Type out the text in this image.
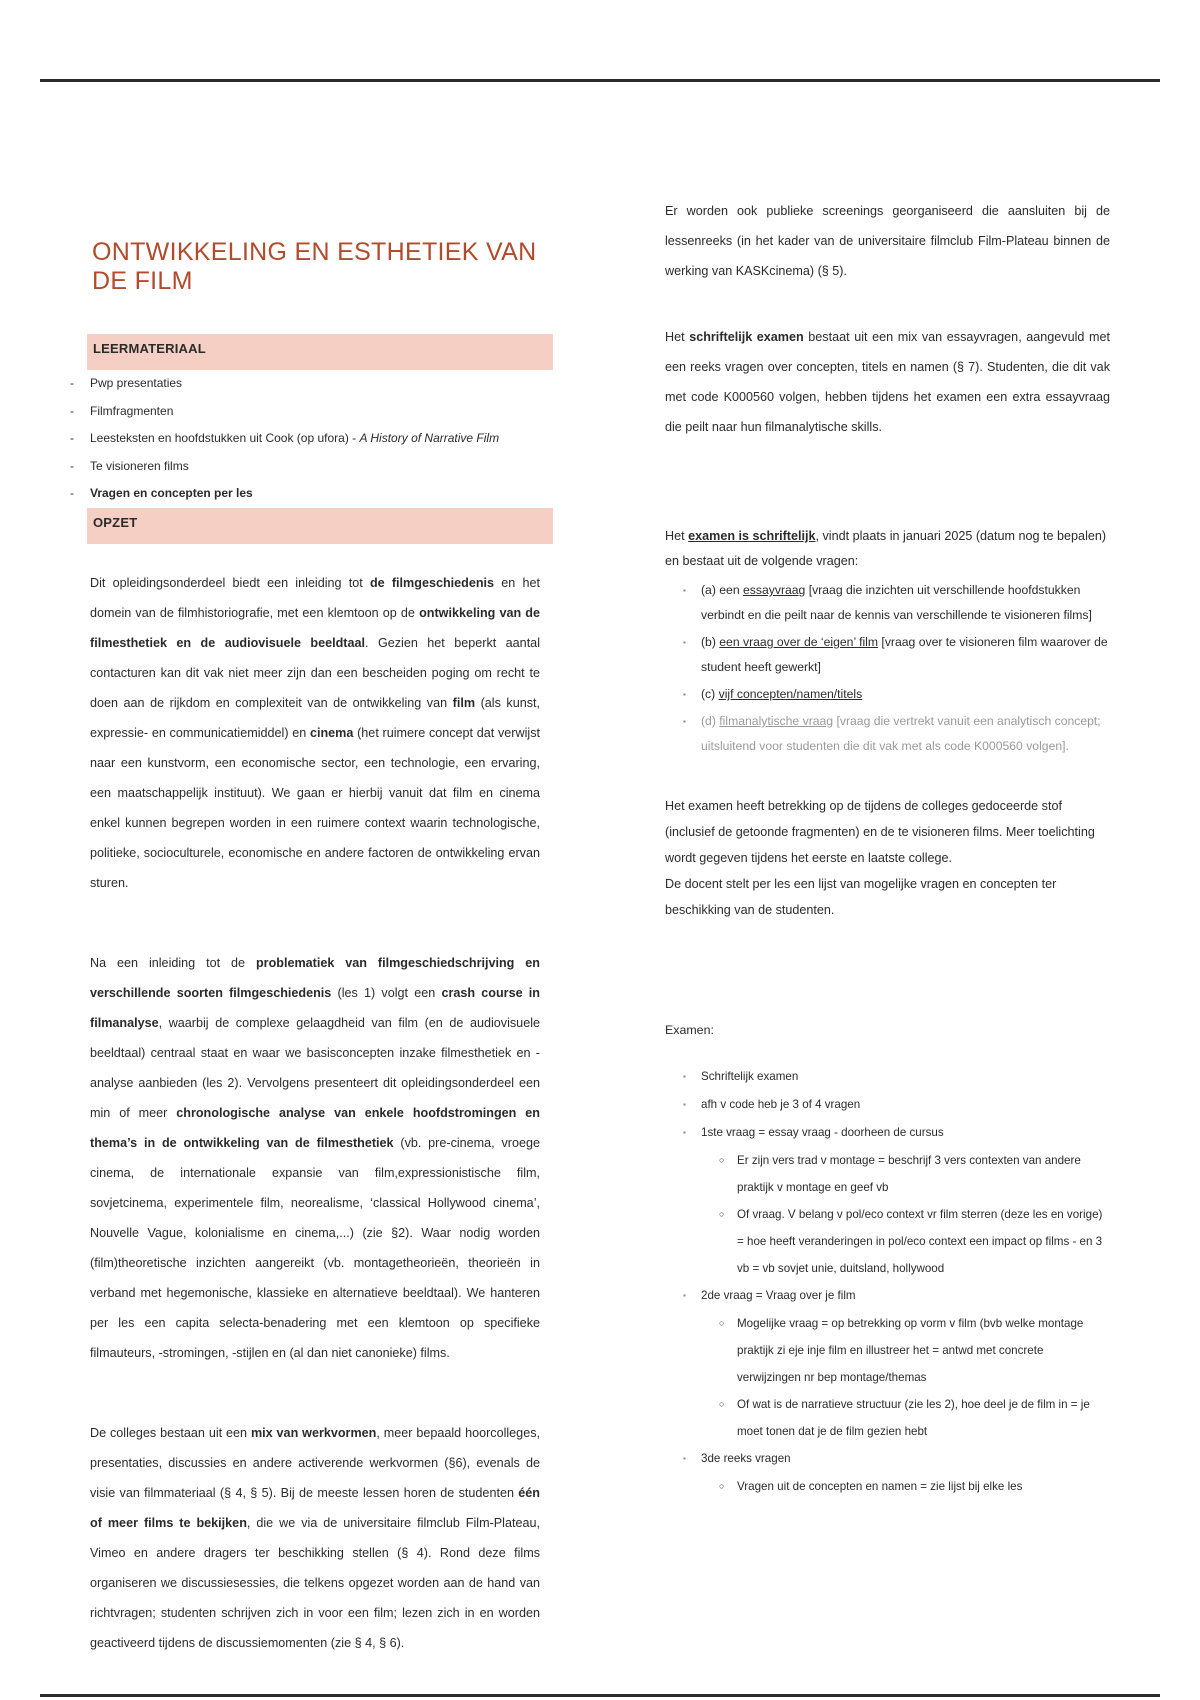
ONTWIKKELING EN ESTHETIEK VAN DE FILM
LEERMATERIAAL
- Pwp presentaties
- Filmfragmenten
- Leesteksten en hoofdstukken uit Cook (op ufora) - A History of Narrative Film
- Te visioneren films
- Vragen en concepten per les
OPZET

Dit opleidingsonderdeel biedt een inleiding tot de filmgeschiedenis en het domein van de filmhistoriografie, met een klemtoon op de ontwikkeling van de filmesthetiek en de audiovisuele beeldtaal. Gezien het beperkt aantal contacturen kan dit vak niet meer zijn dan een bescheiden poging om recht te doen aan de rijkdom en complexiteit van de ontwikkeling van film (als kunst, expressie- en communicatiemiddel) en cinema (het ruimere concept dat verwijst naar een kunstvorm, een economische sector, een technologie, een ervaring, een maatschappelijk instituut). We gaan er hierbij vanuit dat film en cinema enkel kunnen begrepen worden in een ruimere context waarin technologische, politieke, socioculturele, economische en andere factoren de ontwikkeling ervan sturen.

Na een inleiding tot de problematiek van filmgeschiedschrijving en verschillende soorten filmgeschiedenis (les 1) volgt een crash course in filmanalyse, waarbij de complexe gelaagdheid van film (en de audiovisuele beeldtaal) centraal staat en waar we basisconcepten inzake filmesthetiek en -analyse aanbieden (les 2). Vervolgens presenteert dit opleidingsonderdeel een min of meer chronologische analyse van enkele hoofdstromingen en thema’s in de ontwikkeling van de filmesthetiek (vb. pre-cinema, vroege cinema, de internationale expansie van film,expressionistische film, sovjetcinema, experimentele film, neorealisme, ‘classical Hollywood cinema’, Nouvelle Vague, kolonialisme en cinema,...) (zie §2). Waar nodig worden (film)theoretische inzichten aangereikt (vb. montagetheorieën, theorieën in verband met hegemonische, klassieke en alternatieve beeldtaal). We hanteren per les een capita selecta-benadering met een klemtoon op specifieke filmauteurs, -stromingen, -stijlen en (al dan niet canonieke) films.

De colleges bestaan uit een mix van werkvormen, meer bepaald hoorcolleges, presentaties, discussies en andere activerende werkvormen (§6), evenals de visie van filmmateriaal (§ 4, § 5). Bij de meeste lessen horen de studenten één of meer films te bekijken, die we via de universitaire filmclub Film-Plateau, Vimeo en andere dragers ter beschikking stellen (§ 4). Rond deze films organiseren we discussiesessies, die telkens opgezet worden aan de hand van richtvragen; studenten schrijven zich in voor een film; lezen zich in en worden geactiveerd tijdens de discussiemomenten (zie § 4, § 6).

Er worden ook publieke screenings georganiseerd die aansluiten bij de lessenreeks (in het kader van de universitaire filmclub Film-Plateau binnen de werking van KASKcinema) (§ 5).
Het schriftelijk examen bestaat uit een mix van essayvragen, aangevuld met een reeks vragen over concepten, titels en namen (§ 7). Studenten, die dit vak met code K000560 volgen, hebben tijdens het examen een extra essayvraag die peilt naar hun filmanalytische skills.
Het examen is schriftelijk, vindt plaats in januari 2025 (datum nog te bepalen) en bestaat uit de volgende vragen:
▪ (a) een essayvraag [vraag die inzichten uit verschillende hoofdstukken verbindt en die peilt naar de kennis van verschillende te visioneren films]
▪ (b) een vraag over de ‘eigen’ film [vraag over te visioneren film waarover de student heeft gewerkt]
▪ (c) vijf concepten/namen/titels
▪ (d) filmanalytische vraag [vraag die vertrekt vanuit een analytisch concept; uitsluitend voor studenten die dit vak met als code K000560 volgen].
Het examen heeft betrekking op de tijdens de colleges gedoceerde stof (inclusief de getoonde fragmenten) en de te visioneren films. Meer toelichting wordt gegeven tijdens het eerste en laatste college.
De docent stelt per les een lijst van mogelijke vragen en concepten ter beschikking van de studenten.
Examen:
▪ Schriftelijk examen
▪ afh v code heb je 3 of 4 vragen
▪ 1ste vraag = essay vraag - doorheen de cursus
○ Er zijn vers trad v montage = beschrijf 3 vers contexten van andere praktijk v montage en geef vb
○ Of vraag. V belang v pol/eco context vr film sterren (deze les en vorige) = hoe heeft veranderingen in pol/eco context een impact op films - en 3 vb = vb sovjet unie, duitsland, hollywood
▪ 2de vraag = Vraag over je film
○ Mogelijke vraag = op betrekking op vorm v film (bvb welke montage praktijk zi eje inje film en illustreer het = antwd met concrete verwijzingen nr bep montage/themas
○ Of wat is de narratieve structuur (zie les 2), hoe deel je de film in = je moet tonen dat je de film gezien hebt
▪ 3de reeks vragen
○ Vragen uit de concepten en namen = zie lijst bij elke les
